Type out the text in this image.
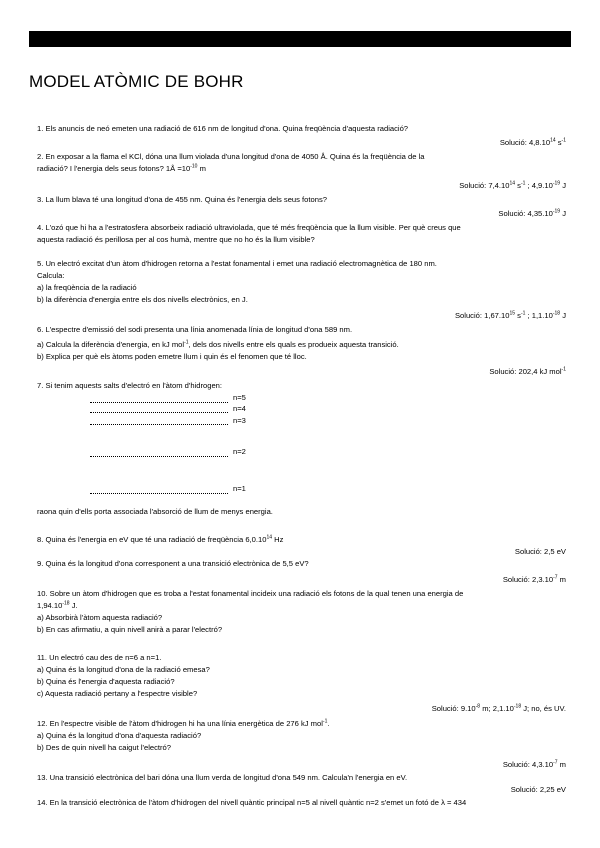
MODEL ATÒMIC DE BOHR
1. Els anuncis de neó emeten una radiació de 616 nm de longitud d'ona. Quina freqüència d'aquesta radiació?
Solució: 4,8.10$^{14}$ $s^{-1}$
2. En exposar a la flama el KCl, dóna una llum violada d'una longitud d'ona de 4050 Å. Quina és la freqüència de la
radiació? I l'energia dels seus fotons? 1Å $=10^{-10}$ m
Solució: 7,4.10$^{14}$ $s^{-1}$ ; $4,9.10^{-19}$ J
3. La llum blava té una longitud d'ona de 455 nm. Quina és l'energia dels seus fotons?
Solució: $4,35.10^{-19}$ J
4. L'ozó que hi ha a l'estratosfera absorbeix radiació ultraviolada, que té més freqüència que la llum visible. Per què creus que
aquesta radiació és perillosa per al cos humà, mentre que no ho és la llum visible?
5. Un electró excitat d'un àtom d'hidrogen retorna a l'estat fonamental i emet una radiació electromagnètica de 180 nm.
Calcula:
a) la freqüència de la radiació
b) la diferència d'energia entre els dos nivells electrònics, en J.
Solució: 1,67.10$^{15}$ $s^{-1}$ ; $1,1.10^{-18}$ J
6. L'espectre d'emissió del sodi presenta una línia anomenada línia de longitud d'ona 589 nm.
a) Calcula la diferència d'energia, en kJ mol$^{-1}$, dels dos nivells entre els quals es produeix aquesta transició.
b) Explica per què els àtoms poden emetre llum i quin és el fenomen que té lloc.
Solució: 202,4 kJ mol$^{-1}$
7. Si tenim aquests salts d'electró en l'àtom d'hidrogen:
n=5
n=4
n=3
n=2
n=1
raona quin d'ells porta associada l'absorció de llum de menys energia.
8. Quina és l'energia en eV que té una radiació de freqüència 6,0.10$^{14}$ Hz
Solució: 2,5 eV
9. Quina és la longitud d'ona corresponent a una transició electrònica de 5,5 eV?
Solució: $2,3.10^{-7}$ m
10. Sobre un àtom d'hidrogen que es troba a l'estat fonamental incideix una radiació els fotons de la qual tenen una energia de
$1,94.10^{-18}$ J.
a) Absorbirà l'àtom aquesta radiació?
b) En cas afirmatiu, a quin nivell anirà a parar l'electró?
11. Un electró cau des de n=6 a n=1.
a) Quina és la longitud d'ona de la radiació emesa?
b) Quina és l'energia d'aquesta radiació?
c) Aquesta radiació pertany a l'espectre visible?
Solució: $9.10^{-8}$ m; $2,1.10^{-18}$ J; no, és UV.
12. En l'espectre visible de l'àtom d'hidrogen hi ha una línia energètica de 276 kJ mol$^{-1}$.
a) Quina és la longitud d'ona d'aquesta radiació?
b) Des de quin nivell ha caigut l'electró?
Solució: $4,3.10^{-7}$ m
13. Una transició electrònica del bari dóna una llum verda de longitud d'ona 549 nm. Calcula'n l'energia en eV.
Solució: 2,25 eV
14. En la transició electrònica de l'àtom d'hidrogen del nivell quàntic principal n=5 al nivell quàntic n=2 s'emet un fotó de λ = 434
